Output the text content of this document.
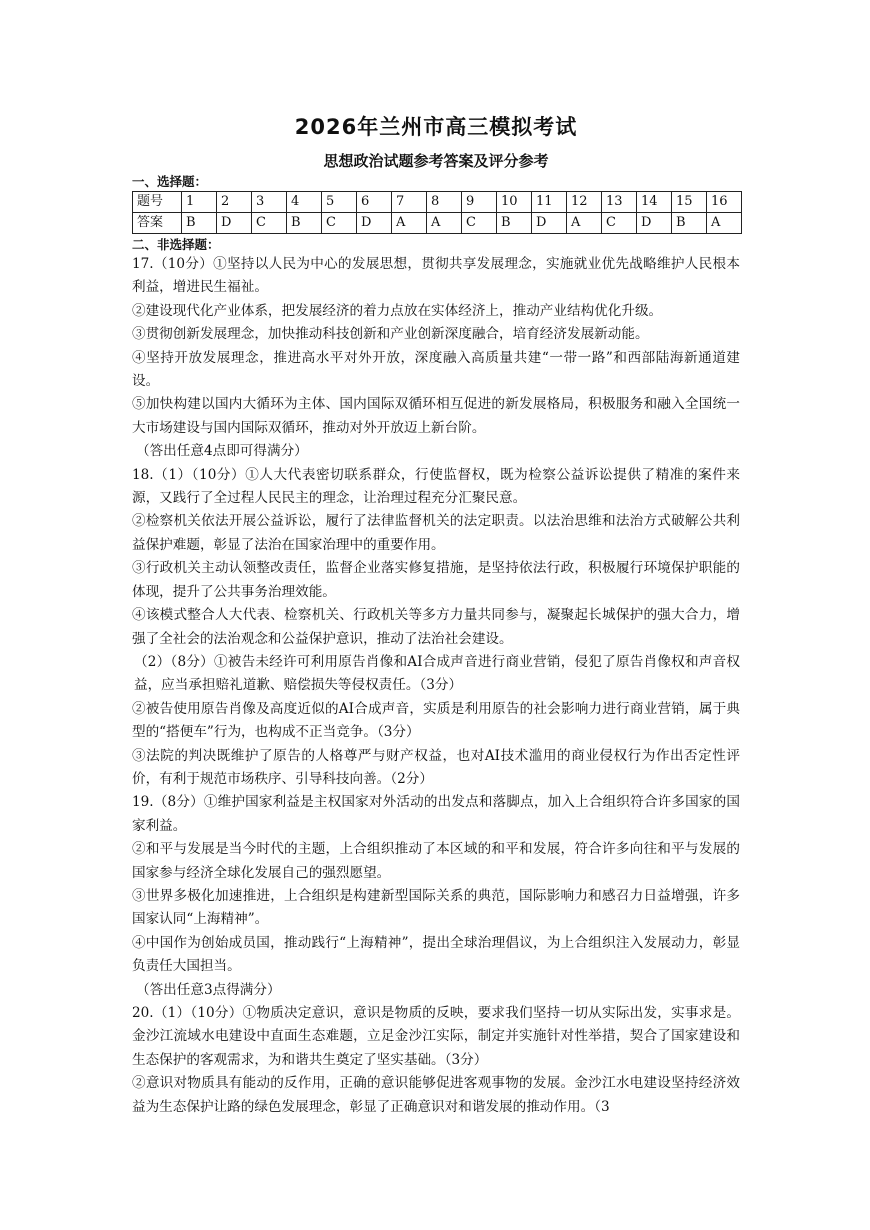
2026年兰州市高三模拟考试
思想政治试题参考答案及评分参考
一、选择题：
题号	1	2	3	4	5	6	7	8	9	10	11	12	13	14	15	16
答案	B	D	C	B	C	D	A	A	C	B	D	A	C	D	B	A
二、非选择题：

17.（10分）①坚持以人民为中心的发展思想，贯彻共享发展理念，实施就业优先战略维护人民根本利益，增进民生福祉。

②建设现代化产业体系，把发展经济的着力点放在实体经济上，推动产业结构优化升级。

③贯彻创新发展理念，加快推动科技创新和产业创新深度融合，培育经济发展新动能。

④坚持开放发展理念，推进高水平对外开放，深度融入高质量共建“一带一路”和西部陆海新通道建设。

⑤加快构建以国内大循环为主体、国内国际双循环相互促进的新发展格局，积极服务和融入全国统一大市场建设与国内国际双循环，推动对外开放迈上新台阶。

（答出任意4点即可得满分）

18.（1）（10分）①人大代表密切联系群众，行使监督权，既为检察公益诉讼提供了精准的案件来源，又践行了全过程人民民主的理念，让治理过程充分汇聚民意。

②检察机关依法开展公益诉讼，履行了法律监督机关的法定职责。以法治思维和法治方式破解公共利益保护难题，彰显了法治在国家治理中的重要作用。

③行政机关主动认领整改责任，监督企业落实修复措施，是坚持依法行政，积极履行环境保护职能的体现，提升了公共事务治理效能。

④该模式整合人大代表、检察机关、行政机关等多方力量共同参与，凝聚起长城保护的强大合力，增强了全社会的法治观念和公益保护意识，推动了法治社会建设。

（2）（8分）①被告未经许可利用原告肖像和AI合成声音进行商业营销，侵犯了原告肖像权和声音权益，应当承担赔礼道歉、赔偿损失等侵权责任。（3分）

②被告使用原告肖像及高度近似的AI合成声音，实质是利用原告的社会影响力进行商业营销，属于典型的“搭便车”行为，也构成不正当竞争。（3分）

③法院的判决既维护了原告的人格尊严与财产权益，也对AI技术滥用的商业侵权行为作出否定性评价，有利于规范市场秩序、引导科技向善。（2分）

19.（8分）①维护国家利益是主权国家对外活动的出发点和落脚点，加入上合组织符合许多国家的国家利益。

②和平与发展是当今时代的主题，上合组织推动了本区域的和平和发展，符合许多向往和平与发展的国家参与经济全球化发展自己的强烈愿望。

③世界多极化加速推进，上合组织是构建新型国际关系的典范，国际影响力和感召力日益增强，许多国家认同“上海精神”。

④中国作为创始成员国，推动践行“上海精神”，提出全球治理倡议，为上合组织注入发展动力，彰显负责任大国担当。

（答出任意3点得满分）

20.（1）（10分）①物质决定意识，意识是物质的反映，要求我们坚持一切从实际出发，实事求是。金沙江流域水电建设中直面生态难题，立足金沙江实际，制定并实施针对性举措，契合了国家建设和生态保护的客观需求，为和谐共生奠定了坚实基础。（3分）

②意识对物质具有能动的反作用，正确的意识能够促进客观事物的发展。金沙江水电建设坚持经济效益为生态保护让路的绿色发展理念，彰显了正确意识对和谐发展的推动作用。（3
